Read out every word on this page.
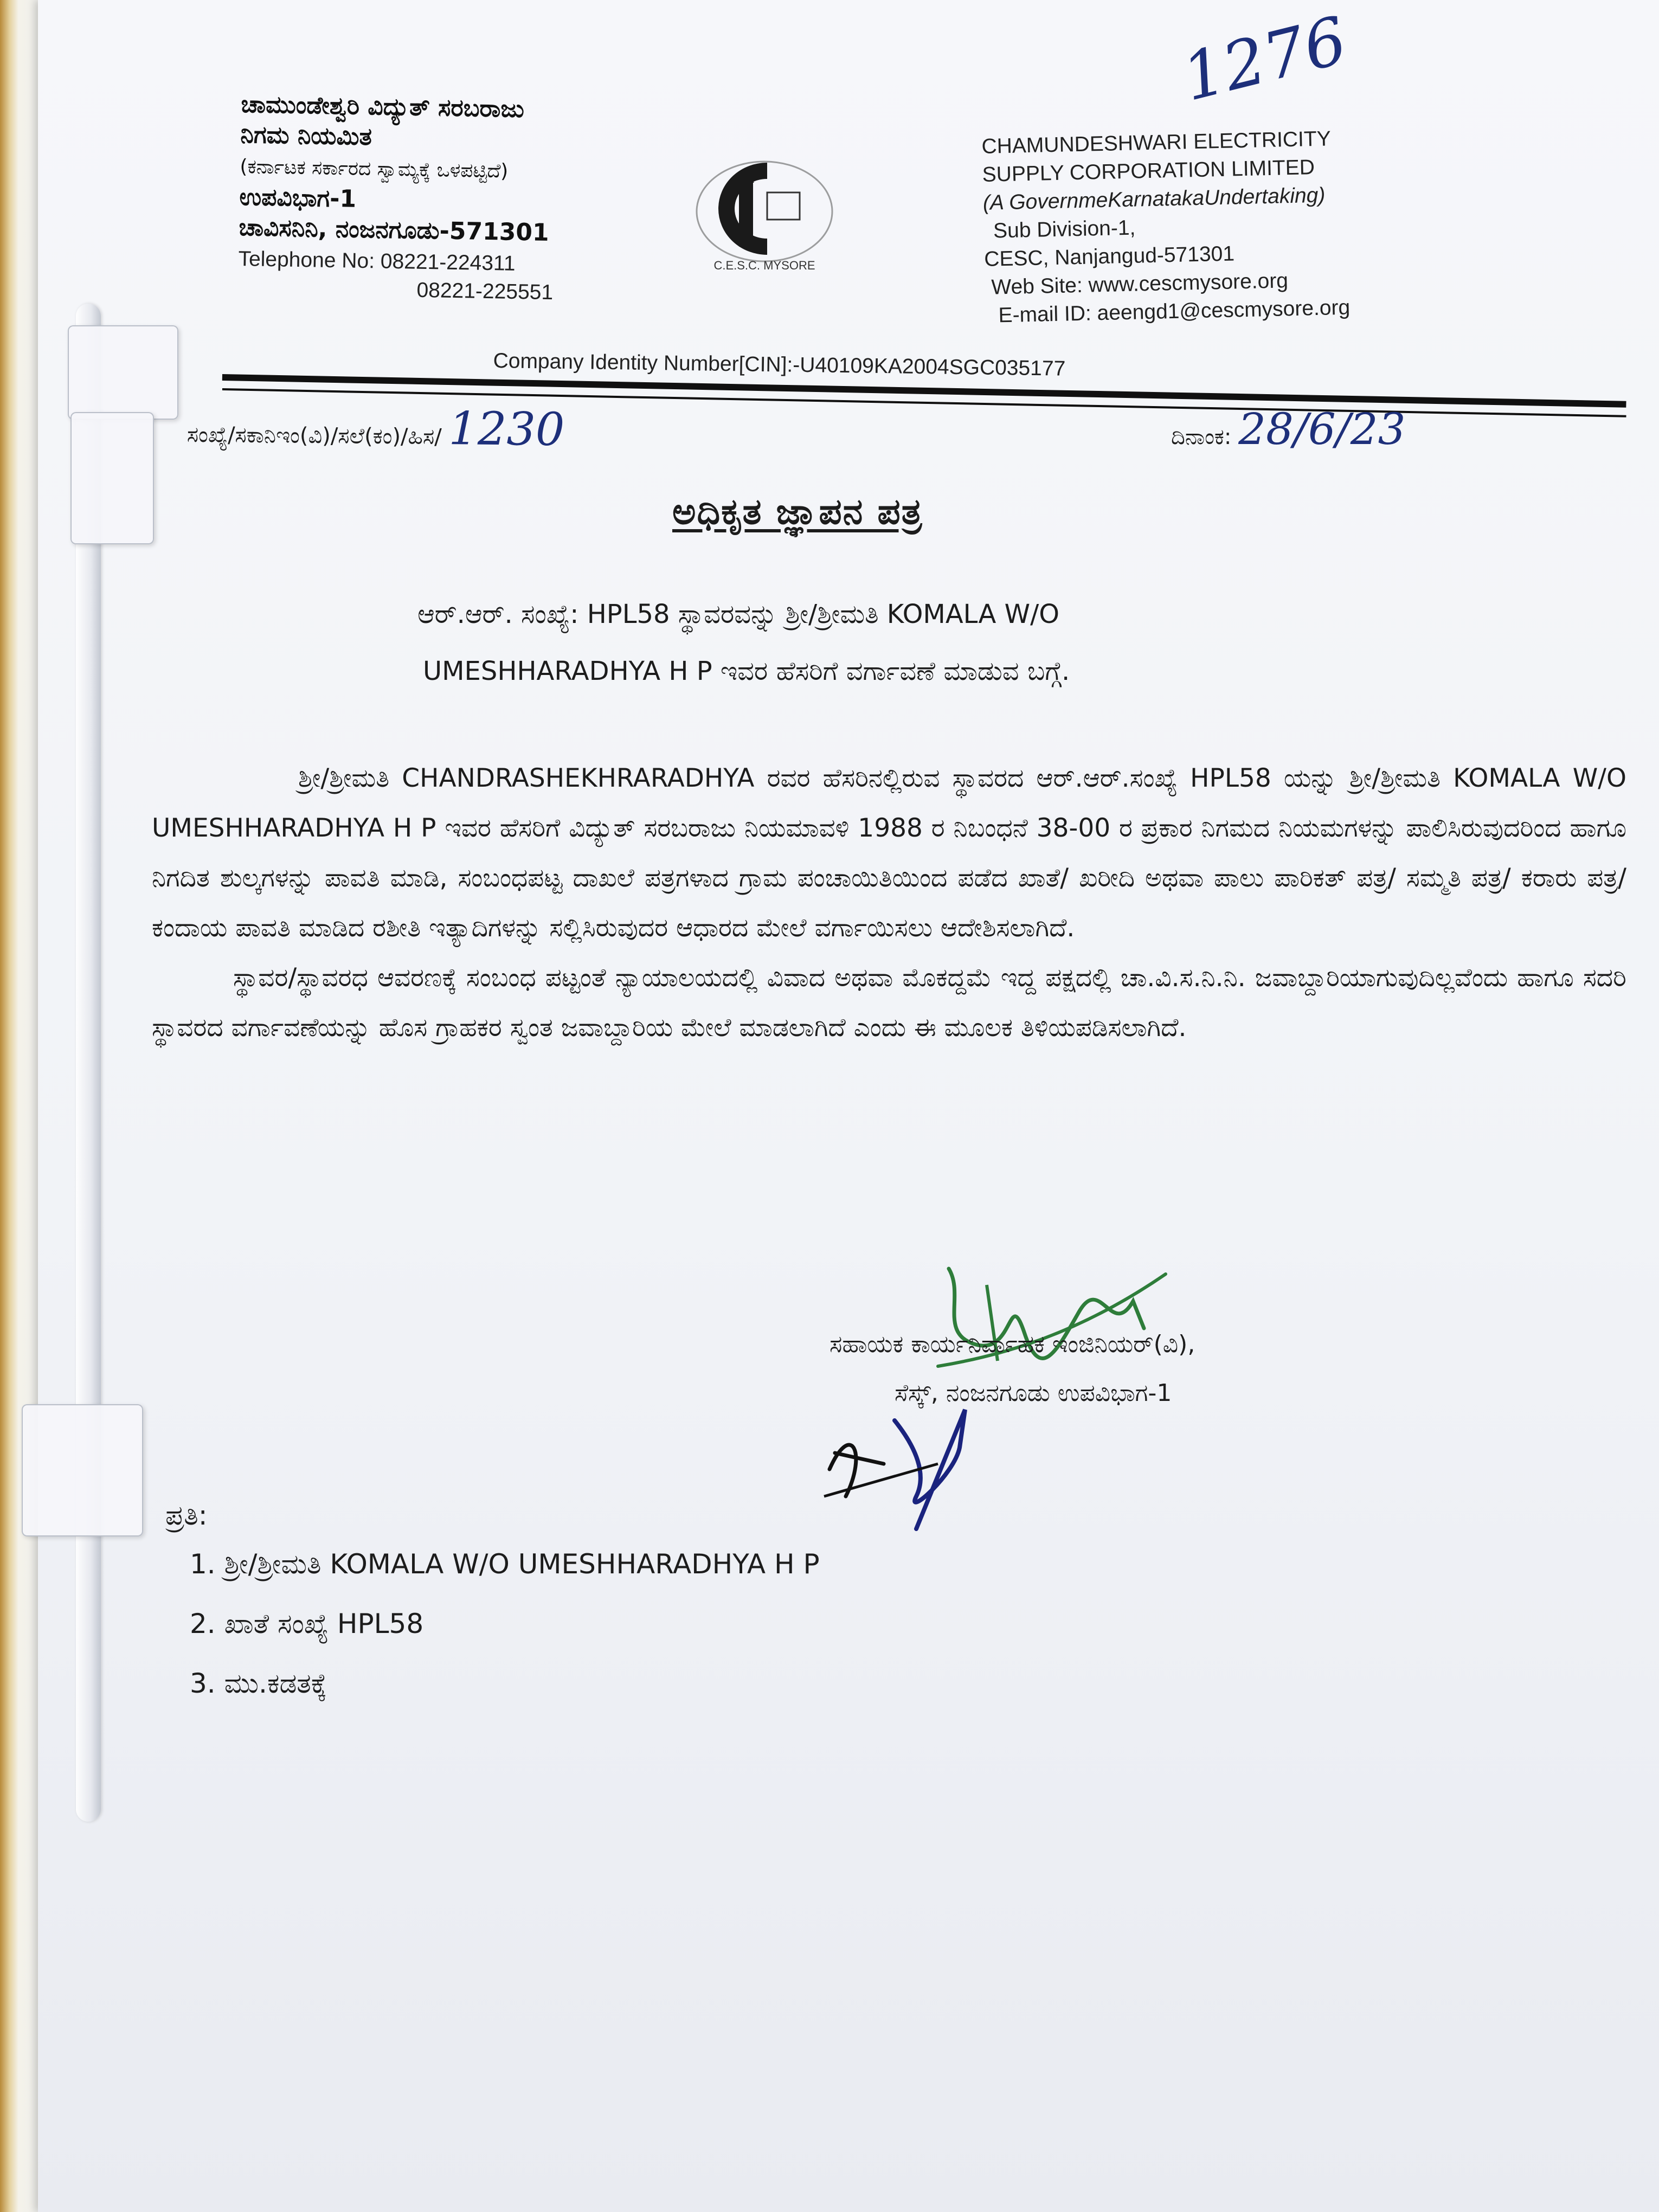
1276
ಚಾಮುಂಡೇಶ್ವರಿ ವಿದ್ಯುತ್ ಸರಬರಾಜು
ನಿಗಮ ನಿಯಮಿತ
(ಕರ್ನಾಟಕ ಸರ್ಕಾರದ ಸ್ವಾಮ್ಯಕ್ಕೆ ಒಳಪಟ್ಟಿದೆ)
ಉಪವಿಭಾಗ-1
ಚಾವಿಸನಿನಿ, ನಂಜನಗೂಡು-571301
Telephone No: 08221-224311
08221-225551
C.E.S.C. MYSORE
CHAMUNDESHWARI ELECTRICITY
SUPPLY CORPORATION LIMITED
(A GovernmeKarnatakaUndertaking)
Sub Division-1,
CESC, Nanjangud-571301
Web Site: www.cescmysore.org
E-mail ID: aeengd1@cescmysore.org
Company Identity Number[CIN]:-U40109KA2004SGC035177
ಸಂಖ್ಯೆ/ಸಕಾನಿಇಂ(ವಿ)/ಸಲೆ(ಕಂ)/ಹಿಸ/ 1230	ದಿನಾಂಕ: 28/6/23
ಅಧಿಕೃತ ಜ್ಞಾಪನ ಪತ್ರ
ಆರ್.ಆರ್. ಸಂಖ್ಯೆ: HPL58 ಸ್ಥಾವರವನ್ನು ಶ್ರೀ/ಶ್ರೀಮತಿ KOMALA W/O
UMESHHARADHYA H P ಇವರ ಹೆಸರಿಗೆ ವರ್ಗಾವಣೆ ಮಾಡುವ ಬಗ್ಗೆ.

ಶ್ರೀ/ಶ್ರೀಮತಿ CHANDRASHEKHRARADHYA ರವರ ಹೆಸರಿನಲ್ಲಿರುವ ಸ್ಥಾವರದ ಆರ್.ಆರ್.ಸಂಖ್ಯೆ HPL58 ಯನ್ನು ಶ್ರೀ/ಶ್ರೀಮತಿ KOMALA W/O UMESHHARADHYA H P ಇವರ ಹೆಸರಿಗೆ ವಿದ್ಯುತ್ ಸರಬರಾಜು ನಿಯಮಾವಳಿ 1988 ರ ನಿಬಂಧನೆ 38-00 ರ ಪ್ರಕಾರ ನಿಗಮದ ನಿಯಮಗಳನ್ನು ಪಾಲಿಸಿರುವುದರಿಂದ ಹಾಗೂ ನಿಗದಿತ ಶುಲ್ಕಗಳನ್ನು ಪಾವತಿ ಮಾಡಿ, ಸಂಬಂಧಪಟ್ಟ ದಾಖಲೆ ಪತ್ರಗಳಾದ ಗ್ರಾಮ ಪಂಚಾಯಿತಿಯಿಂದ ಪಡೆದ ಖಾತೆ/ ಖರೀದಿ ಅಥವಾ ಪಾಲು ಪಾರಿಕತ್ ಪತ್ರ/ ಸಮ್ಮತಿ ಪತ್ರ/ ಕರಾರು ಪತ್ರ/ ಕಂದಾಯ ಪಾವತಿ ಮಾಡಿದ ರಶೀತಿ ಇತ್ಯಾದಿಗಳನ್ನು ಸಲ್ಲಿಸಿರುವುದರ ಆಧಾರದ ಮೇಲೆ ವರ್ಗಾಯಿಸಲು ಆದೇಶಿಸಲಾಗಿದೆ.

ಸ್ಥಾವರ/ಸ್ಥಾವರಧ ಆವರಣಕ್ಕೆ ಸಂಬಂಧ ಪಟ್ಟಂತೆ ನ್ಯಾಯಾಲಯದಲ್ಲಿ ವಿವಾದ ಅಥವಾ ಮೊಕದ್ದಮೆ ಇದ್ದ ಪಕ್ಷದಲ್ಲಿ ಚಾ.ವಿ.ಸ.ನಿ.ನಿ. ಜವಾಬ್ದಾರಿಯಾಗುವುದಿಲ್ಲವೆಂದು ಹಾಗೂ ಸದರಿ ಸ್ಥಾವರದ ವರ್ಗಾವಣೆಯನ್ನು ಹೊಸ ಗ್ರಾಹಕರ ಸ್ವಂತ ಜವಾಬ್ದಾರಿಯ ಮೇಲೆ ಮಾಡಲಾಗಿದೆ ಎಂದು ಈ ಮೂಲಕ ತಿಳಿಯಪಡಿಸಲಾಗಿದೆ.

ಸಹಾಯಕ ಕಾರ್ಯನಿರ್ವಾಹಕ ಇಂಜಿನಿಯರ್(ವಿ),
ಸೆಸ್ಕ್, ನಂಜನಗೂಡು ಉಪವಿಭಾಗ-1
ಪ್ರತಿ:
1. ಶ್ರೀ/ಶ್ರೀಮತಿ KOMALA W/O UMESHHARADHYA H P
2. ಖಾತೆ ಸಂಖ್ಯೆ HPL58
3. ಮು.ಕಡತಕ್ಕೆ
